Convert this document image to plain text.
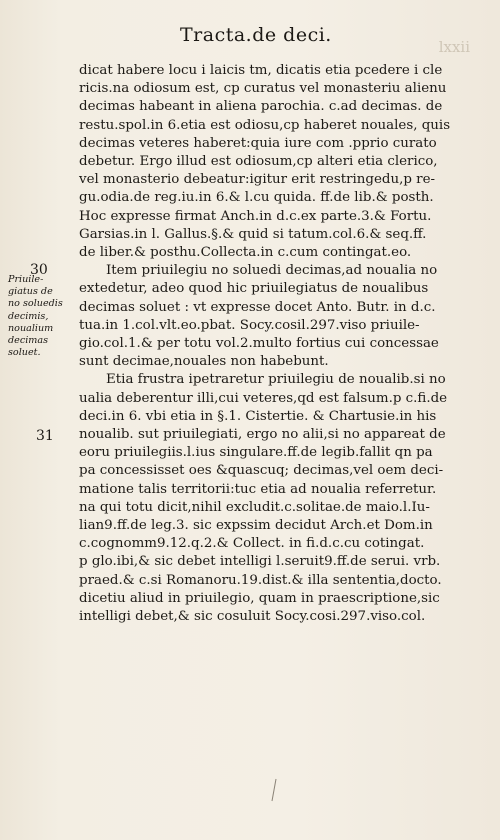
lxxii
Tracta.de deci.
dicat habere locu i laicis tm, dicatis etia pcedere i cle
ricis.na odiosum est, cp curatus vel monasteriu alienu
decimas habeant in aliena parochia. c.ad decimas. de
restu.spol.in 6.etia est odiosu,cp haberet nouales, quis
decimas veteres haberet:quia iure com .pprio curato
debetur. Ergo illud est odiosum,cp alteri etia clerico,
vel monasterio debeatur:igitur erit restringedu,p re-
gu.odia.de reg.iu.in 6.& l.cu quida. ff.de lib.& posth.
Hoc expresse firmat Anch.in d.c.ex parte.3.& Fortu.
Garsias.in l. Gallus.§.& quid si tatum.col.6.& seq.ff.
de liber.& posthu.Collecta.in c.cum contingat.eo.
Item priuilegiu no soluedi decimas,ad noualia no
extedetur, adeo quod hic priuilegiatus de noualibus
decimas soluet : vt expresse docet Anto. Butr. in d.c.
tua.in 1.col.vlt.eo.pbat. Socy.cosil.297.viso priuile-
gio.col.1.& per totu vol.2.multo fortius cui concessae
sunt decimae,nouales non habebunt.
Etia frustra ipetraretur priuilegiu de noualib.si no
ualia deberentur illi,cui veteres,qd est falsum.p c.fi.de
deci.in 6. vbi etia in §.1. Cistertie. & Chartusie.in his
noualib. sut priuilegiati, ergo no alii,si no appareat de
eoru priuilegiis.l.ius singulare.ff.de legib.fallit qn pa
pa concessisset oes &quascuq; decimas,vel oem deci-
matione talis territorii:tuc etia ad noualia referretur.
na qui totu dicit,nihil excludit.c.solitae.de maio.l.Iu-
lian9.ff.de leg.3. sic expssim decidut Arch.et Dom.in
c.cognomm9.12.q.2.& Collect. in fi.d.c.cu cotingat.
p glo.ibi,& sic debet intelligi l.seruit9.ff.de serui. vrb.
praed.& c.si Romanoru.19.dist.& illa sententia,docto.
dicetiu aliud in priuilegio, quam in praescriptione,sic
intelligi debet,& sic cosuluit Socy.cosi.297.viso.col.
30
31
Priuile-
giatus de
no soluedis
decimis,
noualium
decimas
soluet.
